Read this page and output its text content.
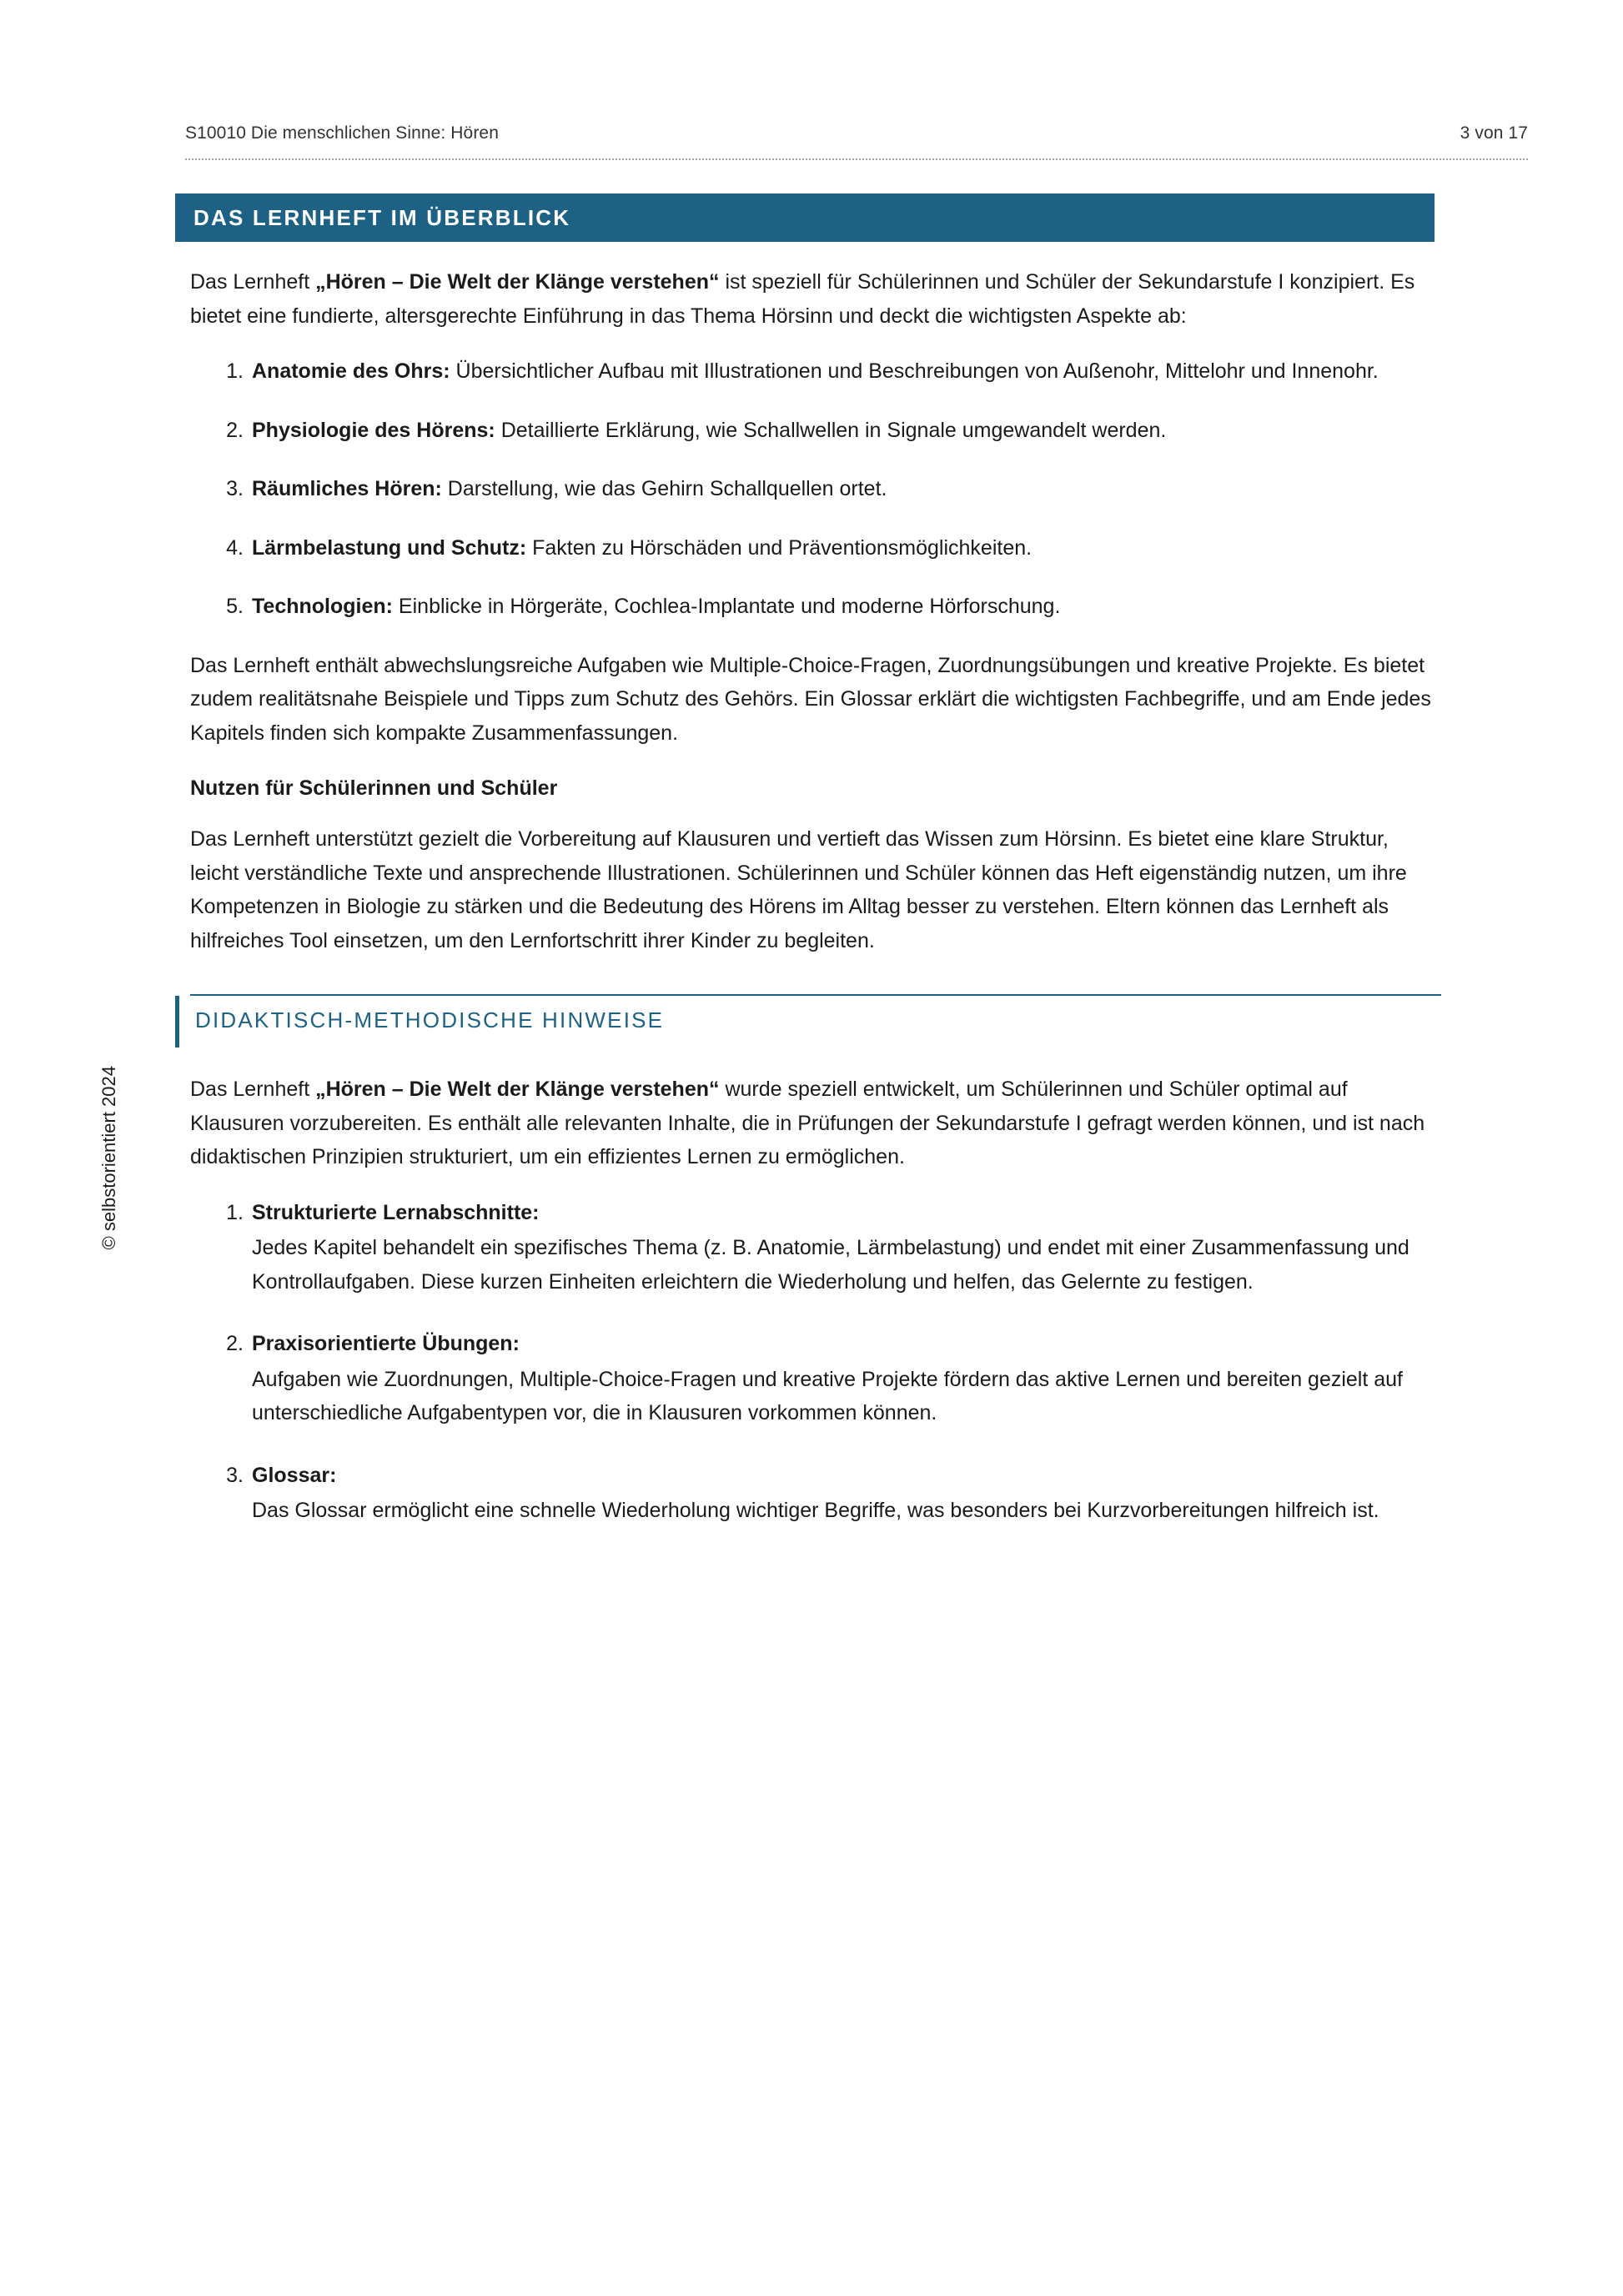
S10010 Die menschlichen Sinne: Hören	3 von 17
DAS LERNHEFT IM ÜBERBLICK
© selbstorientiert 2024

Das Lernheft „Hören – Die Welt der Klänge verstehen“ ist speziell für Schülerinnen und Schüler der Sekundarstufe I konzipiert. Es bietet eine fundierte, altersgerechte Einführung in das Thema Hörsinn und deckt die wichtigsten Aspekte ab:

1. Anatomie des Ohrs: Übersichtlicher Aufbau mit Illustrationen und Beschreibungen von Außenohr, Mittelohr und Innenohr.
2. Physiologie des Hörens: Detaillierte Erklärung, wie Schallwellen in Signale umgewandelt werden.
3. Räumliches Hören: Darstellung, wie das Gehirn Schallquellen ortet.
4. Lärmbelastung und Schutz: Fakten zu Hörschäden und Präventionsmöglichkeiten.
5. Technologien: Einblicke in Hörgeräte, Cochlea-Implantate und moderne Hörforschung.

Das Lernheft enthält abwechslungsreiche Aufgaben wie Multiple-Choice-Fragen, Zuordnungsübungen und kreative Projekte. Es bietet zudem realitätsnahe Beispiele und Tipps zum Schutz des Gehörs. Ein Glossar erklärt die wichtigsten Fachbegriffe, und am Ende jedes Kapitels finden sich kompakte Zusammenfassungen.

Nutzen für Schülerinnen und Schüler

Das Lernheft unterstützt gezielt die Vorbereitung auf Klausuren und vertieft das Wissen zum Hörsinn. Es bietet eine klare Struktur, leicht verständliche Texte und ansprechende Illustrationen. Schülerinnen und Schüler können das Heft eigenständig nutzen, um ihre Kompetenzen in Biologie zu stärken und die Bedeutung des Hörens im Alltag besser zu verstehen. Eltern können das Lernheft als hilfreiches Tool einsetzen, um den Lernfortschritt ihrer Kinder zu begleiten.

DIDAKTISCH-METHODISCHE HINWEISE

Das Lernheft „Hören – Die Welt der Klänge verstehen“ wurde speziell entwickelt, um Schülerinnen und Schüler optimal auf Klausuren vorzubereiten. Es enthält alle relevanten Inhalte, die in Prüfungen der Sekundarstufe I gefragt werden können, und ist nach didaktischen Prinzipien strukturiert, um ein effizientes Lernen zu ermöglichen.

1. Strukturierte Lernabschnitte:
Jedes Kapitel behandelt ein spezifisches Thema (z. B. Anatomie, Lärmbelastung) und endet mit einer Zusammenfassung und Kontrollaufgaben. Diese kurzen Einheiten erleichtern die Wiederholung und helfen, das Gelernte zu festigen.
2. Praxisorientierte Übungen:
Aufgaben wie Zuordnungen, Multiple-Choice-Fragen und kreative Projekte fördern das aktive Lernen und bereiten gezielt auf unterschiedliche Aufgabentypen vor, die in Klausuren vorkommen können.
3. Glossar:
Das Glossar ermöglicht eine schnelle Wiederholung wichtiger Begriffe, was besonders bei Kurzvorbereitungen hilfreich ist.
